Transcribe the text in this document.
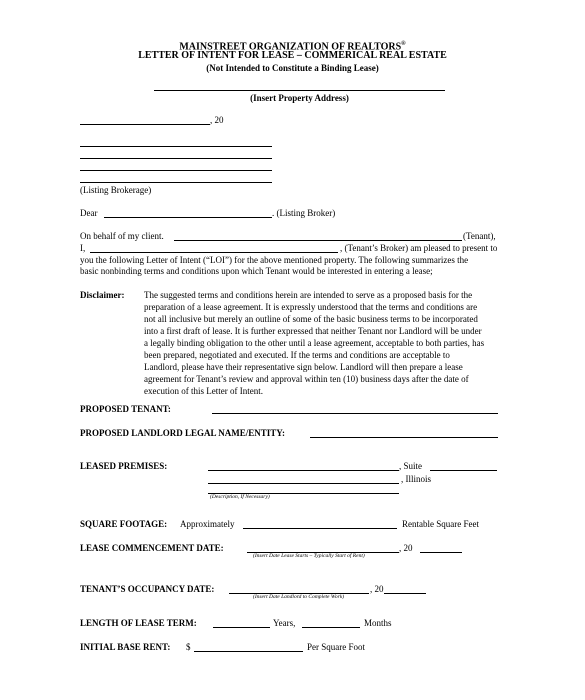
MAINSTREET ORGANIZATION OF REALTORS®
LETTER OF INTENT FOR LEASE – COMMERICAL REAL ESTATE
(Not Intended to Constitute a Binding Lease)
(Insert Property Address)
, 20
(Listing Brokerage)
Dear	. (Listing Broker)
On behalf of my client.	(Tenant),
I,	, (Tenant’s Broker) am pleased to present to
you the following Letter of Intent (“LOI”) for the above mentioned property. The following summarizes the
basic nonbinding terms and conditions upon which Tenant would be interested in entering a lease;
Disclaimer: The suggested terms and conditions herein are intended to serve as a proposed basis for the
preparation of a lease agreement. It is expressly understood that the terms and conditions are
not all inclusive but merely an outline of some of the basic business terms to be incorporated
into a first draft of lease. It is further expressed that neither Tenant nor Landlord will be under
a legally binding obligation to the other until a lease agreement, acceptable to both parties, has
been prepared, negotiated and executed. If the terms and conditions are acceptable to
Landlord, please have their representative sign below. Landlord will then prepare a lease
agreement for Tenant’s review and approval within ten (10) business days after the date of
execution of this Letter of Intent.
PROPOSED TENANT:
PROPOSED LANDLORD LEGAL NAME/ENTITY:
LEASED PREMISES:	, Suite
, Illinois
(Description, If Necessary)
SQUARE FOOTAGE: Approximately	Rentable Square Feet
LEASE COMMENCEMENT DATE:	, 20
(Insert Date Lease Starts – Typically Start of Rent)
TENANT’S OCCUPANCY DATE:	, 20
(Insert Date Landlord to Complete Work)
LENGTH OF LEASE TERM:	Years,	Months
INITIAL BASE RENT: $	Per Square Foot
